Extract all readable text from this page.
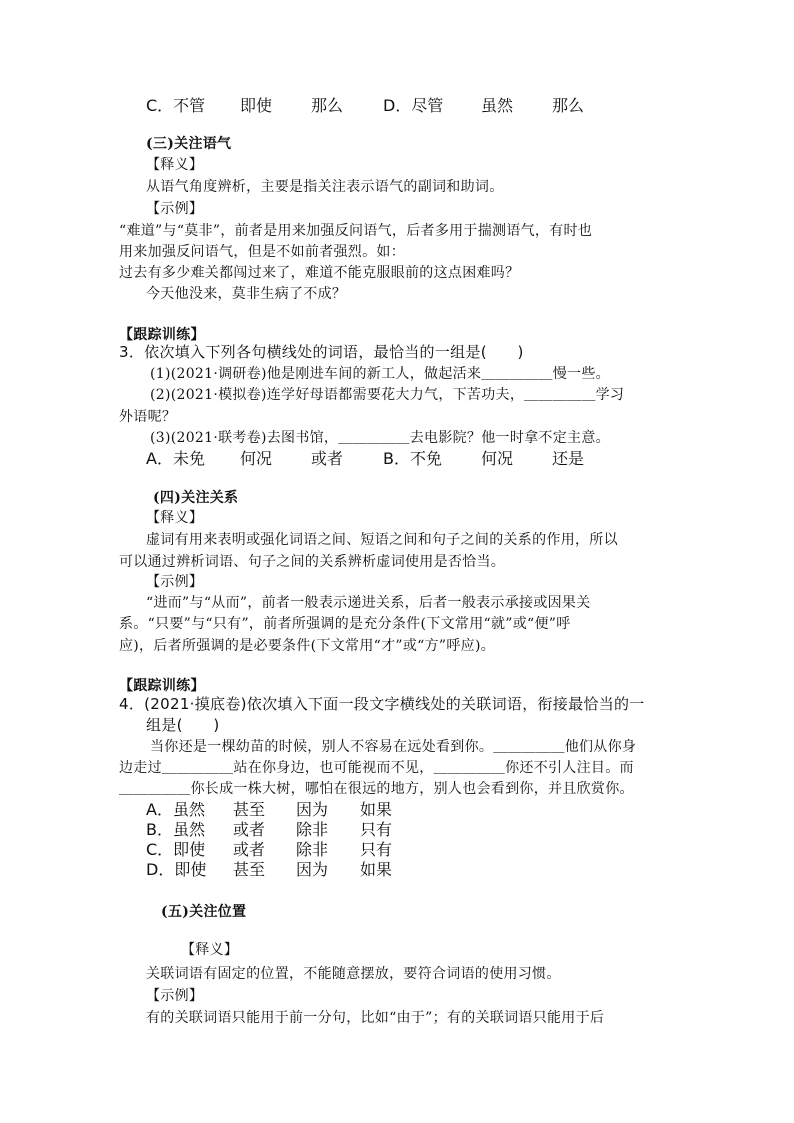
C．不管 即使 那么 D．尽管 虽然 那么
(三)关注语气
【释义】
从语气角度辨析，主要是指关注表示语气的副词和助词。
【示例】
“难道”与“莫非”，前者是用来加强反问语气，后者多用于揣测语气，有时也
用来加强反问语气，但是不如前者强烈。如：
过去有多少难关都闯过来了，难道不能克服眼前的这点困难吗？
今天他没来，莫非生病了不成？
【跟踪训练】
3．依次填入下列各句横线处的词语，最恰当的一组是(　　)
(1)(2021·调研卷)他是刚进车间的新工人，做起活来＿＿＿＿＿慢一些。
(2)(2021·模拟卷)连学好母语都需要花大力气，下苦功夫，＿＿＿＿＿学习
外语呢？
(3)(2021·联考卷)去图书馆，＿＿＿＿＿去电影院？他一时拿不定主意。
A．未免 何况 或者 B．不免 何况 还是
(四)关注关系
【释义】
虚词有用来表明或强化词语之间、短语之间和句子之间的关系的作用，所以
可以通过辨析词语、句子之间的关系辨析虚词使用是否恰当。
【示例】
“进而”与“从而”，前者一般表示递进关系，后者一般表示承接或因果关
系。“只要”与“只有”，前者所强调的是充分条件(下文常用“就”或“便”呼
应)，后者所强调的是必要条件(下文常用“才”或“方”呼应)。
【跟踪训练】
4．(2021·摸底卷)依次填入下面一段文字横线处的关联词语，衔接最恰当的一
组是(　　)
当你还是一棵幼苗的时候，别人不容易在远处看到你。＿＿＿＿＿他们从你身
边走过＿＿＿＿＿站在你身边，也可能视而不见，＿＿＿＿＿你还不引人注目。而
＿＿＿＿＿你长成一株大树，哪怕在很远的地方，别人也会看到你，并且欣赏你。
A．虽然 甚至 因为 如果
B．虽然 或者 除非 只有
C．即使 或者 除非 只有
D．即使 甚至 因为 如果
(五)关注位置
【释义】
关联词语有固定的位置，不能随意摆放，要符合词语的使用习惯。
【示例】
有的关联词语只能用于前一分句，比如“由于”；有的关联词语只能用于后
